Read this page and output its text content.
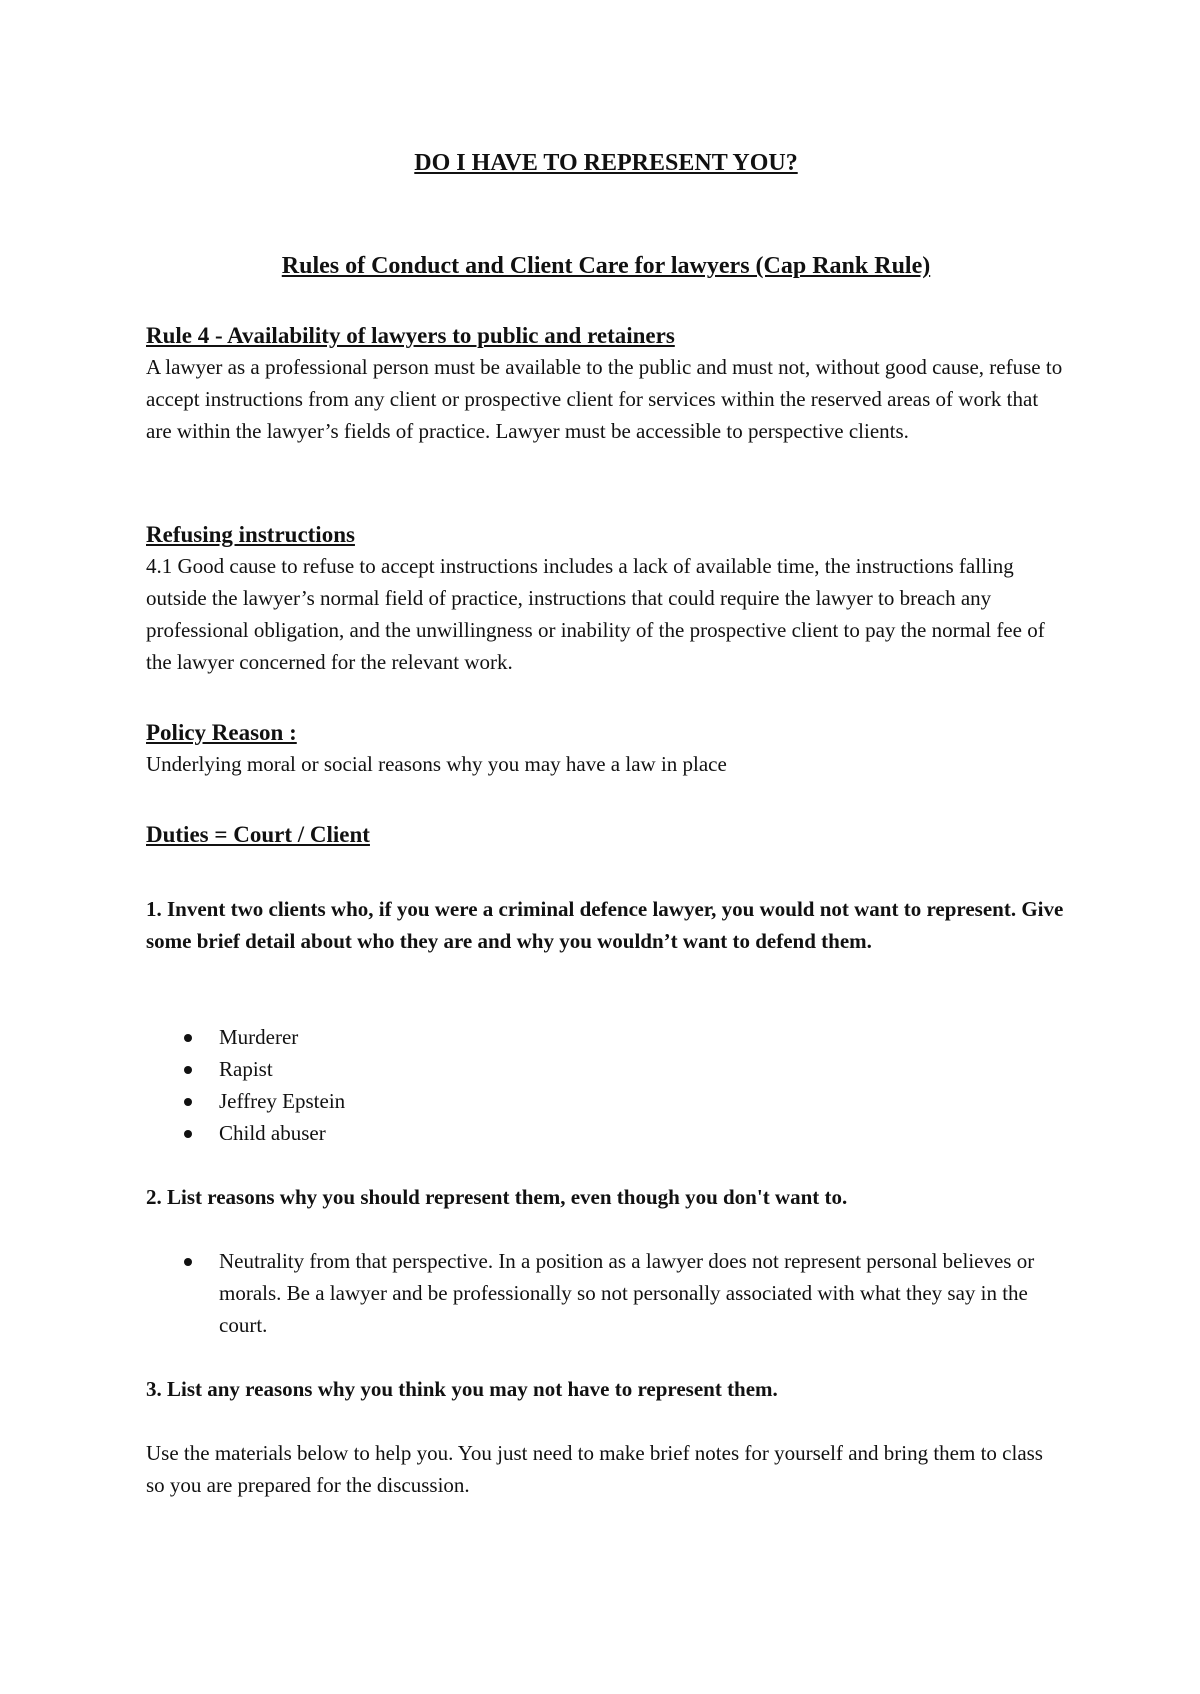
DO I HAVE TO REPRESENT YOU?

Rules of Conduct and Client Care for lawyers (Cap Rank Rule)

Rule 4 - Availability of lawyers to public and retainers

A lawyer as a professional person must be available to the public and must not, without good cause, refuse to accept instructions from any client or prospective client for services within the reserved areas of work that are within the lawyer’s fields of practice. Lawyer must be accessible to perspective clients.

Refusing instructions

4.1 Good cause to refuse to accept instructions includes a lack of available time, the instructions falling outside the lawyer’s normal field of practice, instructions that could require the lawyer to breach any professional obligation, and the unwillingness or inability of the prospective client to pay the normal fee of the lawyer concerned for the relevant work.

Policy Reason :

Underlying moral or social reasons why you may have a law in place

Duties = Court / Client

1. Invent two clients who, if you were a criminal defence lawyer, you would not want to represent. Give some brief detail about who they are and why you wouldn’t want to defend them.

Murderer
Rapist
Jeffrey Epstein
Child abuser

2. List reasons why you should represent them, even though you don't want to.

Neutrality from that perspective. In a position as a lawyer does not represent personal believes or morals. Be a lawyer and be professionally so not personally associated with what they say in the court.

3. List any reasons why you think you may not have to represent them.

Use the materials below to help you. You just need to make brief notes for yourself and bring them to class so you are prepared for the discussion.
